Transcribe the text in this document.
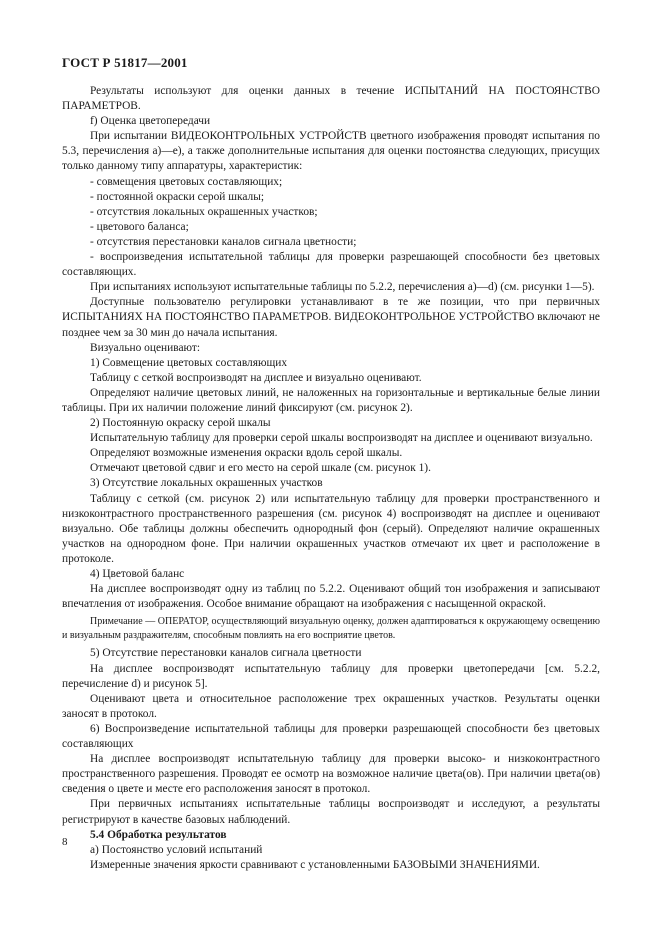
ГОСТ Р 51817—2001

Результаты используют для оценки данных в течение ИСПЫТАНИЙ НА ПОСТОЯНСТВО ПАРАМЕТРОВ.

f) Оценка цветопередачи

При испытании ВИДЕОКОНТРОЛЬНЫХ УСТРОЙСТВ цветного изображения проводят испытания по 5.3, перечисления а)—е), а также дополнительные испытания для оценки постоянства следующих, присущих только данному типу аппаратуры, характеристик:

- совмещения цветовых составляющих;

- постоянной окраски серой шкалы;

- отсутствия локальных окрашенных участков;

- цветового баланса;

- отсутствия перестановки каналов сигнала цветности;

- воспроизведения испытательной таблицы для проверки разрешающей способности без цветовых составляющих.

При испытаниях используют испытательные таблицы по 5.2.2, перечисления а)—d) (см. рисунки 1—5).

Доступные пользователю регулировки устанавливают в те же позиции, что при первичных ИСПЫТАНИЯХ НА ПОСТОЯНСТВО ПАРАМЕТРОВ. ВИДЕОКОНТРОЛЬНОЕ УСТРОЙСТВО включают не позднее чем за 30 мин до начала испытания.

Визуально оценивают:

1) Совмещение цветовых составляющих

Таблицу с сеткой воспроизводят на дисплее и визуально оценивают.

Определяют наличие цветовых линий, не наложенных на горизонтальные и вертикальные белые линии таблицы. При их наличии положение линий фиксируют (см. рисунок 2).

2) Постоянную окраску серой шкалы

Испытательную таблицу для проверки серой шкалы воспроизводят на дисплее и оценивают визуально.

Определяют возможные изменения окраски вдоль серой шкалы.

Отмечают цветовой сдвиг и его место на серой шкале (см. рисунок 1).

3) Отсутствие локальных окрашенных участков

Таблицу с сеткой (см. рисунок 2) или испытательную таблицу для проверки пространственного и низкоконтрастного пространственного разрешения (см. рисунок 4) воспроизводят на дисплее и оценивают визуально. Обе таблицы должны обеспечить однородный фон (серый). Определяют наличие окрашенных участков на однородном фоне. При наличии окрашенных участков отмечают их цвет и расположение в протоколе.

4) Цветовой баланс

На дисплее воспроизводят одну из таблиц по 5.2.2. Оценивают общий тон изображения и записывают впечатления от изображения. Особое внимание обращают на изображения с насыщенной окраской.

Примечание — ОПЕРАТОР, осуществляющий визуальную оценку, должен адаптироваться к окружающему освещению и визуальным раздражителям, способным повлиять на его восприятие цветов.

5) Отсутствие перестановки каналов сигнала цветности

На дисплее воспроизводят испытательную таблицу для проверки цветопередачи [см. 5.2.2, перечисление d) и рисунок 5].

Оценивают цвета и относительное расположение трех окрашенных участков. Результаты оценки заносят в протокол.

6) Воспроизведение испытательной таблицы для проверки разрешающей способности без цветовых составляющих

На дисплее воспроизводят испытательную таблицу для проверки высоко- и низкоконтрастного пространственного разрешения. Проводят ее осмотр на возможное наличие цвета(ов). При наличии цвета(ов) сведения о цвете и месте его расположения заносят в протокол.

При первичных испытаниях испытательные таблицы воспроизводят и исследуют, а результаты регистрируют в качестве базовых наблюдений.

5.4 Обработка результатов

а) Постоянство условий испытаний

Измеренные значения яркости сравнивают с установленными БАЗОВЫМИ ЗНАЧЕНИЯМИ.

8
